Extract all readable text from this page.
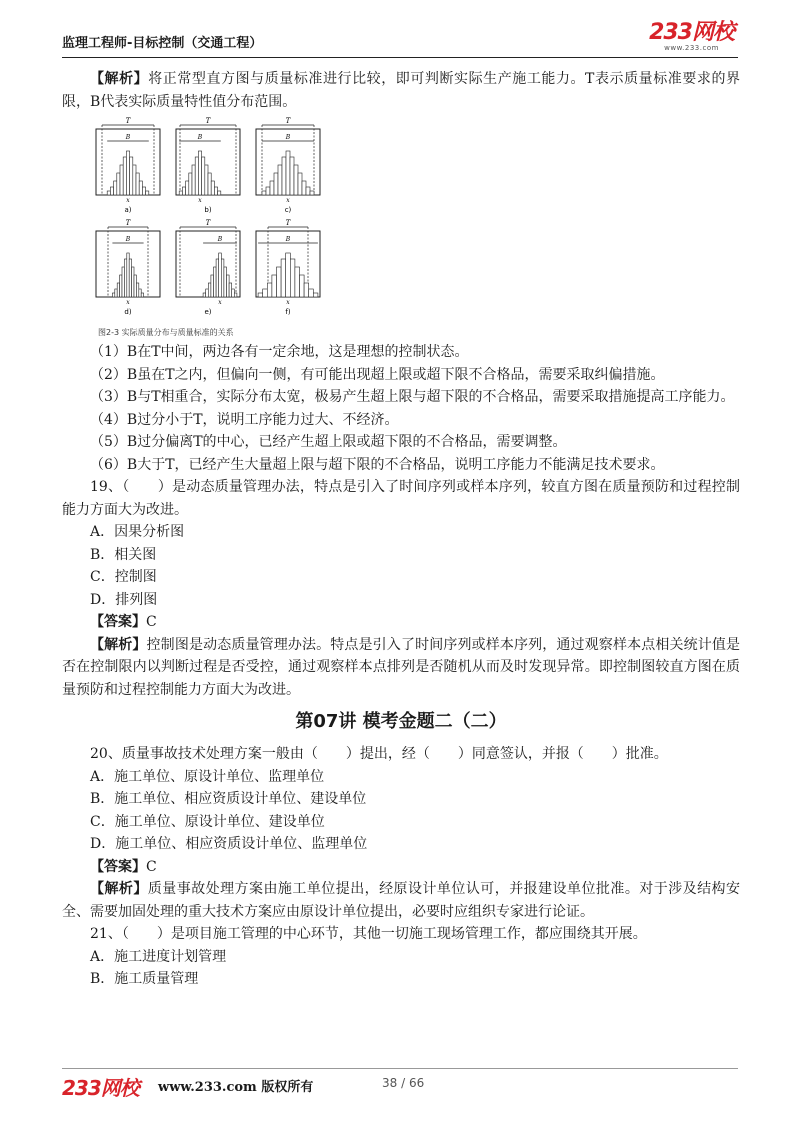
监理工程师-目标控制（交通工程）	233网校
www.233.com

【解析】将正常型直方图与质量标准进行比较，即可判断实际生产施工能力。T表示质量标准要求的界限，B代表实际质量特性值分布范围。

T
B
x
a)
T
B
x
b)
T
B
x
c)
T
B
x
d)
T
B
x
e)
T
B
x
f)
图2-3 实际质量分布与质量标准的关系

（1）B在T中间，两边各有一定余地，这是理想的控制状态。

（2）B虽在T之内，但偏向一侧，有可能出现超上限或超下限不合格品，需要采取纠偏措施。

（3）B与T相重合，实际分布太宽，极易产生超上限与超下限的不合格品，需要采取措施提高工序能力。

（4）B过分小于T，说明工序能力过大、不经济。

（5）B过分偏离T的中心，已经产生超上限或超下限的不合格品，需要调整。

（6）B大于T，已经产生大量超上限与超下限的不合格品，说明工序能力不能满足技术要求。

19、（　　）是动态质量管理办法，特点是引入了时间序列或样本序列，较直方图在质量预防和过程控制能力方面大为改进。

A．因果分析图

B．相关图

C．控制图

D．排列图

【答案】C

【解析】控制图是动态质量管理办法。特点是引入了时间序列或样本序列，通过观察样本点相关统计值是否在控制限内以判断过程是否受控，通过观察样本点排列是否随机从而及时发现异常。即控制图较直方图在质量预防和过程控制能力方面大为改进。

第07讲 模考金题二（二）

20、质量事故技术处理方案一般由（　　）提出，经（　　）同意签认，并报（　　）批准。

A．施工单位、原设计单位、监理单位

B．施工单位、相应资质设计单位、建设单位

C．施工单位、原设计单位、建设单位

D．施工单位、相应资质设计单位、监理单位

【答案】C

【解析】质量事故处理方案由施工单位提出，经原设计单位认可，并报建设单位批准。对于涉及结构安全、需要加固处理的重大技术方案应由原设计单位提出，必要时应组织专家进行论证。

21、（　　）是项目施工管理的中心环节，其他一切施工现场管理工作，都应围绕其开展。

A．施工进度计划管理

B．施工质量管理

233网校 www.233.com 版权所有	38 / 66
